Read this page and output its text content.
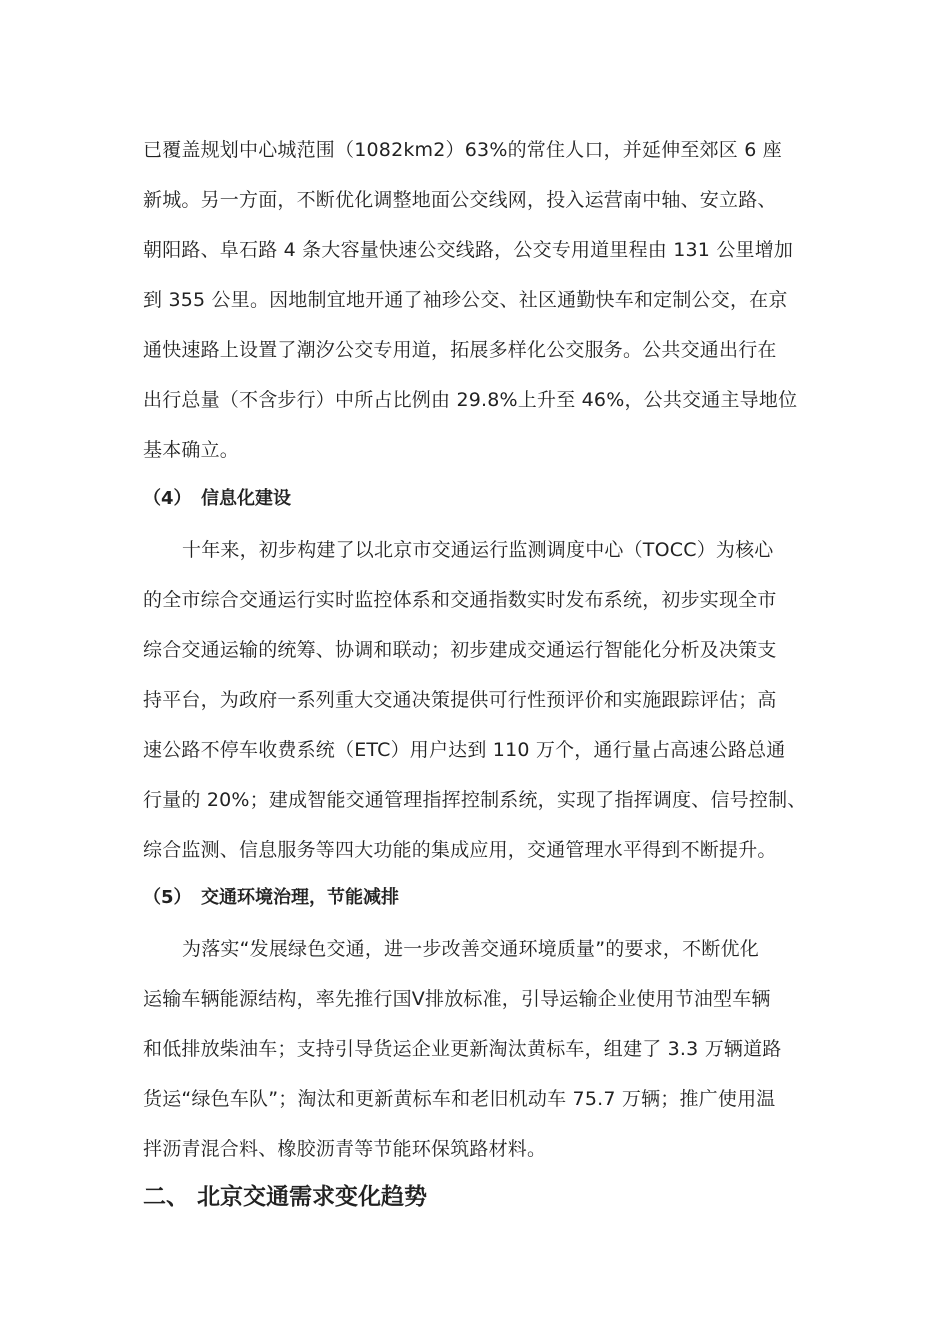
已覆盖规划中心城范围（1082km2）63%的常住人口，并延伸至郊区 6 座
新城。另一方面，不断优化调整地面公交线网，投入运营南中轴、安立路、
朝阳路、阜石路 4 条大容量快速公交线路，公交专用道里程由 131 公里增加
到 355 公里。因地制宜地开通了袖珍公交、社区通勤快车和定制公交，在京
通快速路上设置了潮汐公交专用道，拓展多样化公交服务。公共交通出行在
出行总量（不含步行）中所占比例由 29.8%上升至 46%，公共交通主导地位
基本确立。
（4） 信息化建设
十年来，初步构建了以北京市交通运行监测调度中心（TOCC）为核心
的全市综合交通运行实时监控体系和交通指数实时发布系统，初步实现全市
综合交通运输的统筹、协调和联动；初步建成交通运行智能化分析及决策支
持平台，为政府一系列重大交通决策提供可行性预评价和实施跟踪评估；高
速公路不停车收费系统（ETC）用户达到 110 万个，通行量占高速公路总通
行量的 20%；建成智能交通管理指挥控制系统，实现了指挥调度、信号控制、
综合监测、信息服务等四大功能的集成应用，交通管理水平得到不断提升。
（5） 交通环境治理，节能减排
为落实“发展绿色交通，进一步改善交通环境质量”的要求，不断优化
运输车辆能源结构，率先推行国Ⅴ排放标准，引导运输企业使用节油型车辆
和低排放柴油车；支持引导货运企业更新淘汰黄标车，组建了 3.3 万辆道路
货运“绿色车队”；淘汰和更新黄标车和老旧机动车 75.7 万辆；推广使用温
拌沥青混合料、橡胶沥青等节能环保筑路材料。
二、 北京交通需求变化趋势
